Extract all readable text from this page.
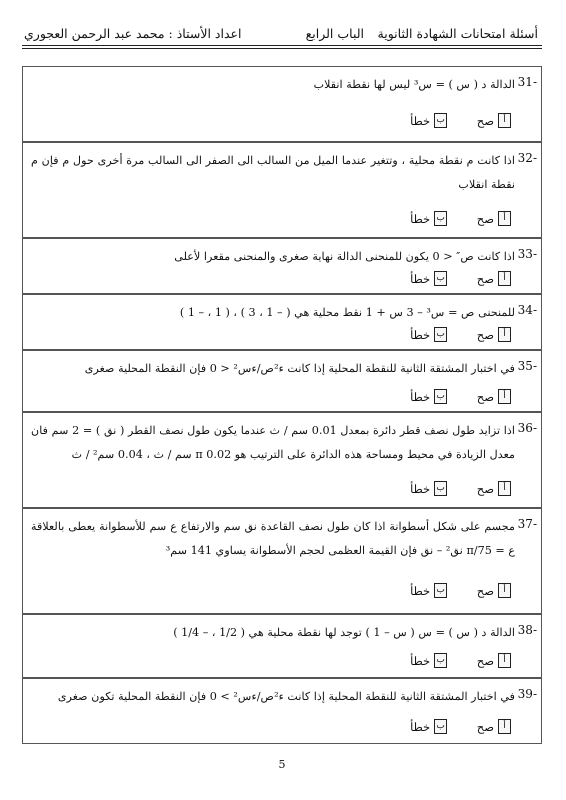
أسئلة امتحانات الشهادة الثانوية
الباب الرابع
اعداد الأستاذ : محمد عبد الرحمن العجوري
-31
الدالة د ( س ) = س³ ليس لها نقطة انقلاب
أ
صح

ب
خطأ
-32
اذا كانت م نقطة محلية ، وتتغير عندما الميل من السالب الى الصفر الى السالب مرة أخرى حول م فإن م نقطة انقلاب
أ
صح

ب
خطأ
-33
اذا كانت ص″ < 0 يكون للمنحنى الدالة نهاية صغرى والمنحنى مقعرا لأعلى
أ
صح

ب
خطأ
-34
للمنحنى ص = س³ – 3 س + 1 نقط محلية هي ( – 1 ، 3 ) ، ( 1 ، – 1 )
أ
صح

ب
خطأ
-35
في اختبار المشتقة الثانية للنقطة المحلية إذا كانت ء²ص/ءس² < 0 فإن النقطة المحلية صغرى
أ
صح

ب
خطأ
-36
اذا تزايد طول نصف قطر دائرة بمعدل 0.01 سم / ث عندما يكون طول نصف القطر ( نق ) = 2 سم فان معدل الزيادة في محيط ومساحة هذه الدائرة على الترتيب هو 0.02 π سم / ث ، 0.04 سم² / ث
أ
صح

ب
خطأ
-37
مجسم على شكل أسطوانة اذا كان طول نصف القاعدة نق سم والارتفاع ع سم للأسطوانة يعطى بالعلاقة ع = 75/π نق² – نق فإن القيمة العظمى لحجم الأسطوانة يساوي 141 سم³
أ
صح

ب
خطأ
-38
الدالة د ( س ) = س ( س – 1 ) توجد لها نقطة محلية هي ( 1/2 ، – 1/4 )
أ
صح

ب
خطأ
-39
في اختبار المشتقة الثانية للنقطة المحلية إذا كانت ء²ص/ءس² > 0 فإن النقطة المحلية تكون صغرى
أ
صح

ب
خطأ
5
